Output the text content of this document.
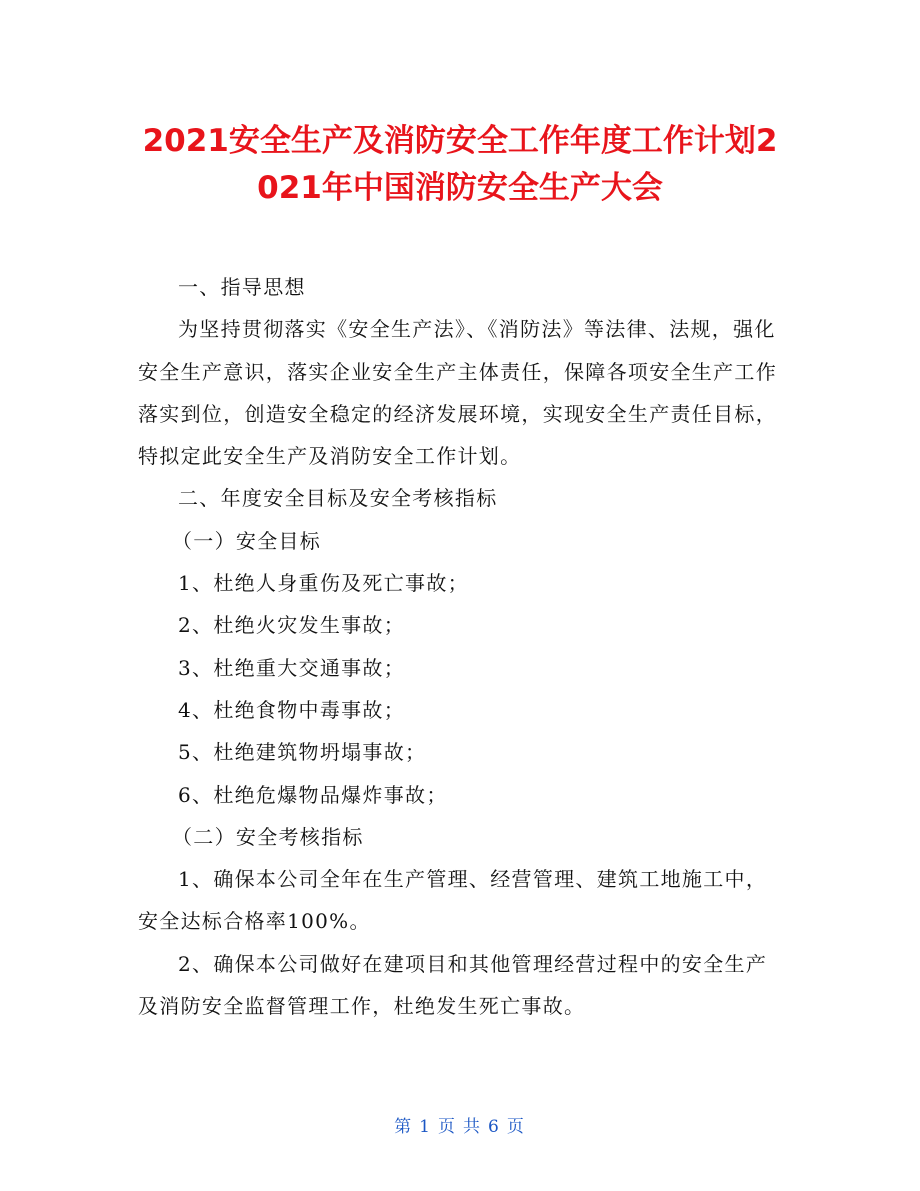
2021安全生产及消防安全工作年度工作计划2021年中国消防安全生产大会

一、指导思想

为坚持贯彻落实《安全生产法》、《消防法》等法律、法规，强化安全生产意识，落实企业安全生产主体责任，保障各项安全生产工作落实到位，创造安全稳定的经济发展环境，实现安全生产责任目标，特拟定此安全生产及消防安全工作计划。

二、年度安全目标及安全考核指标

（一）安全目标

1、杜绝人身重伤及死亡事故；

2、杜绝火灾发生事故；

3、杜绝重大交通事故；

4、杜绝食物中毒事故；

5、杜绝建筑物坍塌事故；

6、杜绝危爆物品爆炸事故；

（二）安全考核指标

1、确保本公司全年在生产管理、经营管理、建筑工地施工中，安全达标合格率100%。

2、确保本公司做好在建项目和其他管理经营过程中的安全生产及消防安全监督管理工作，杜绝发生死亡事故。

第 1 页 共 6 页
